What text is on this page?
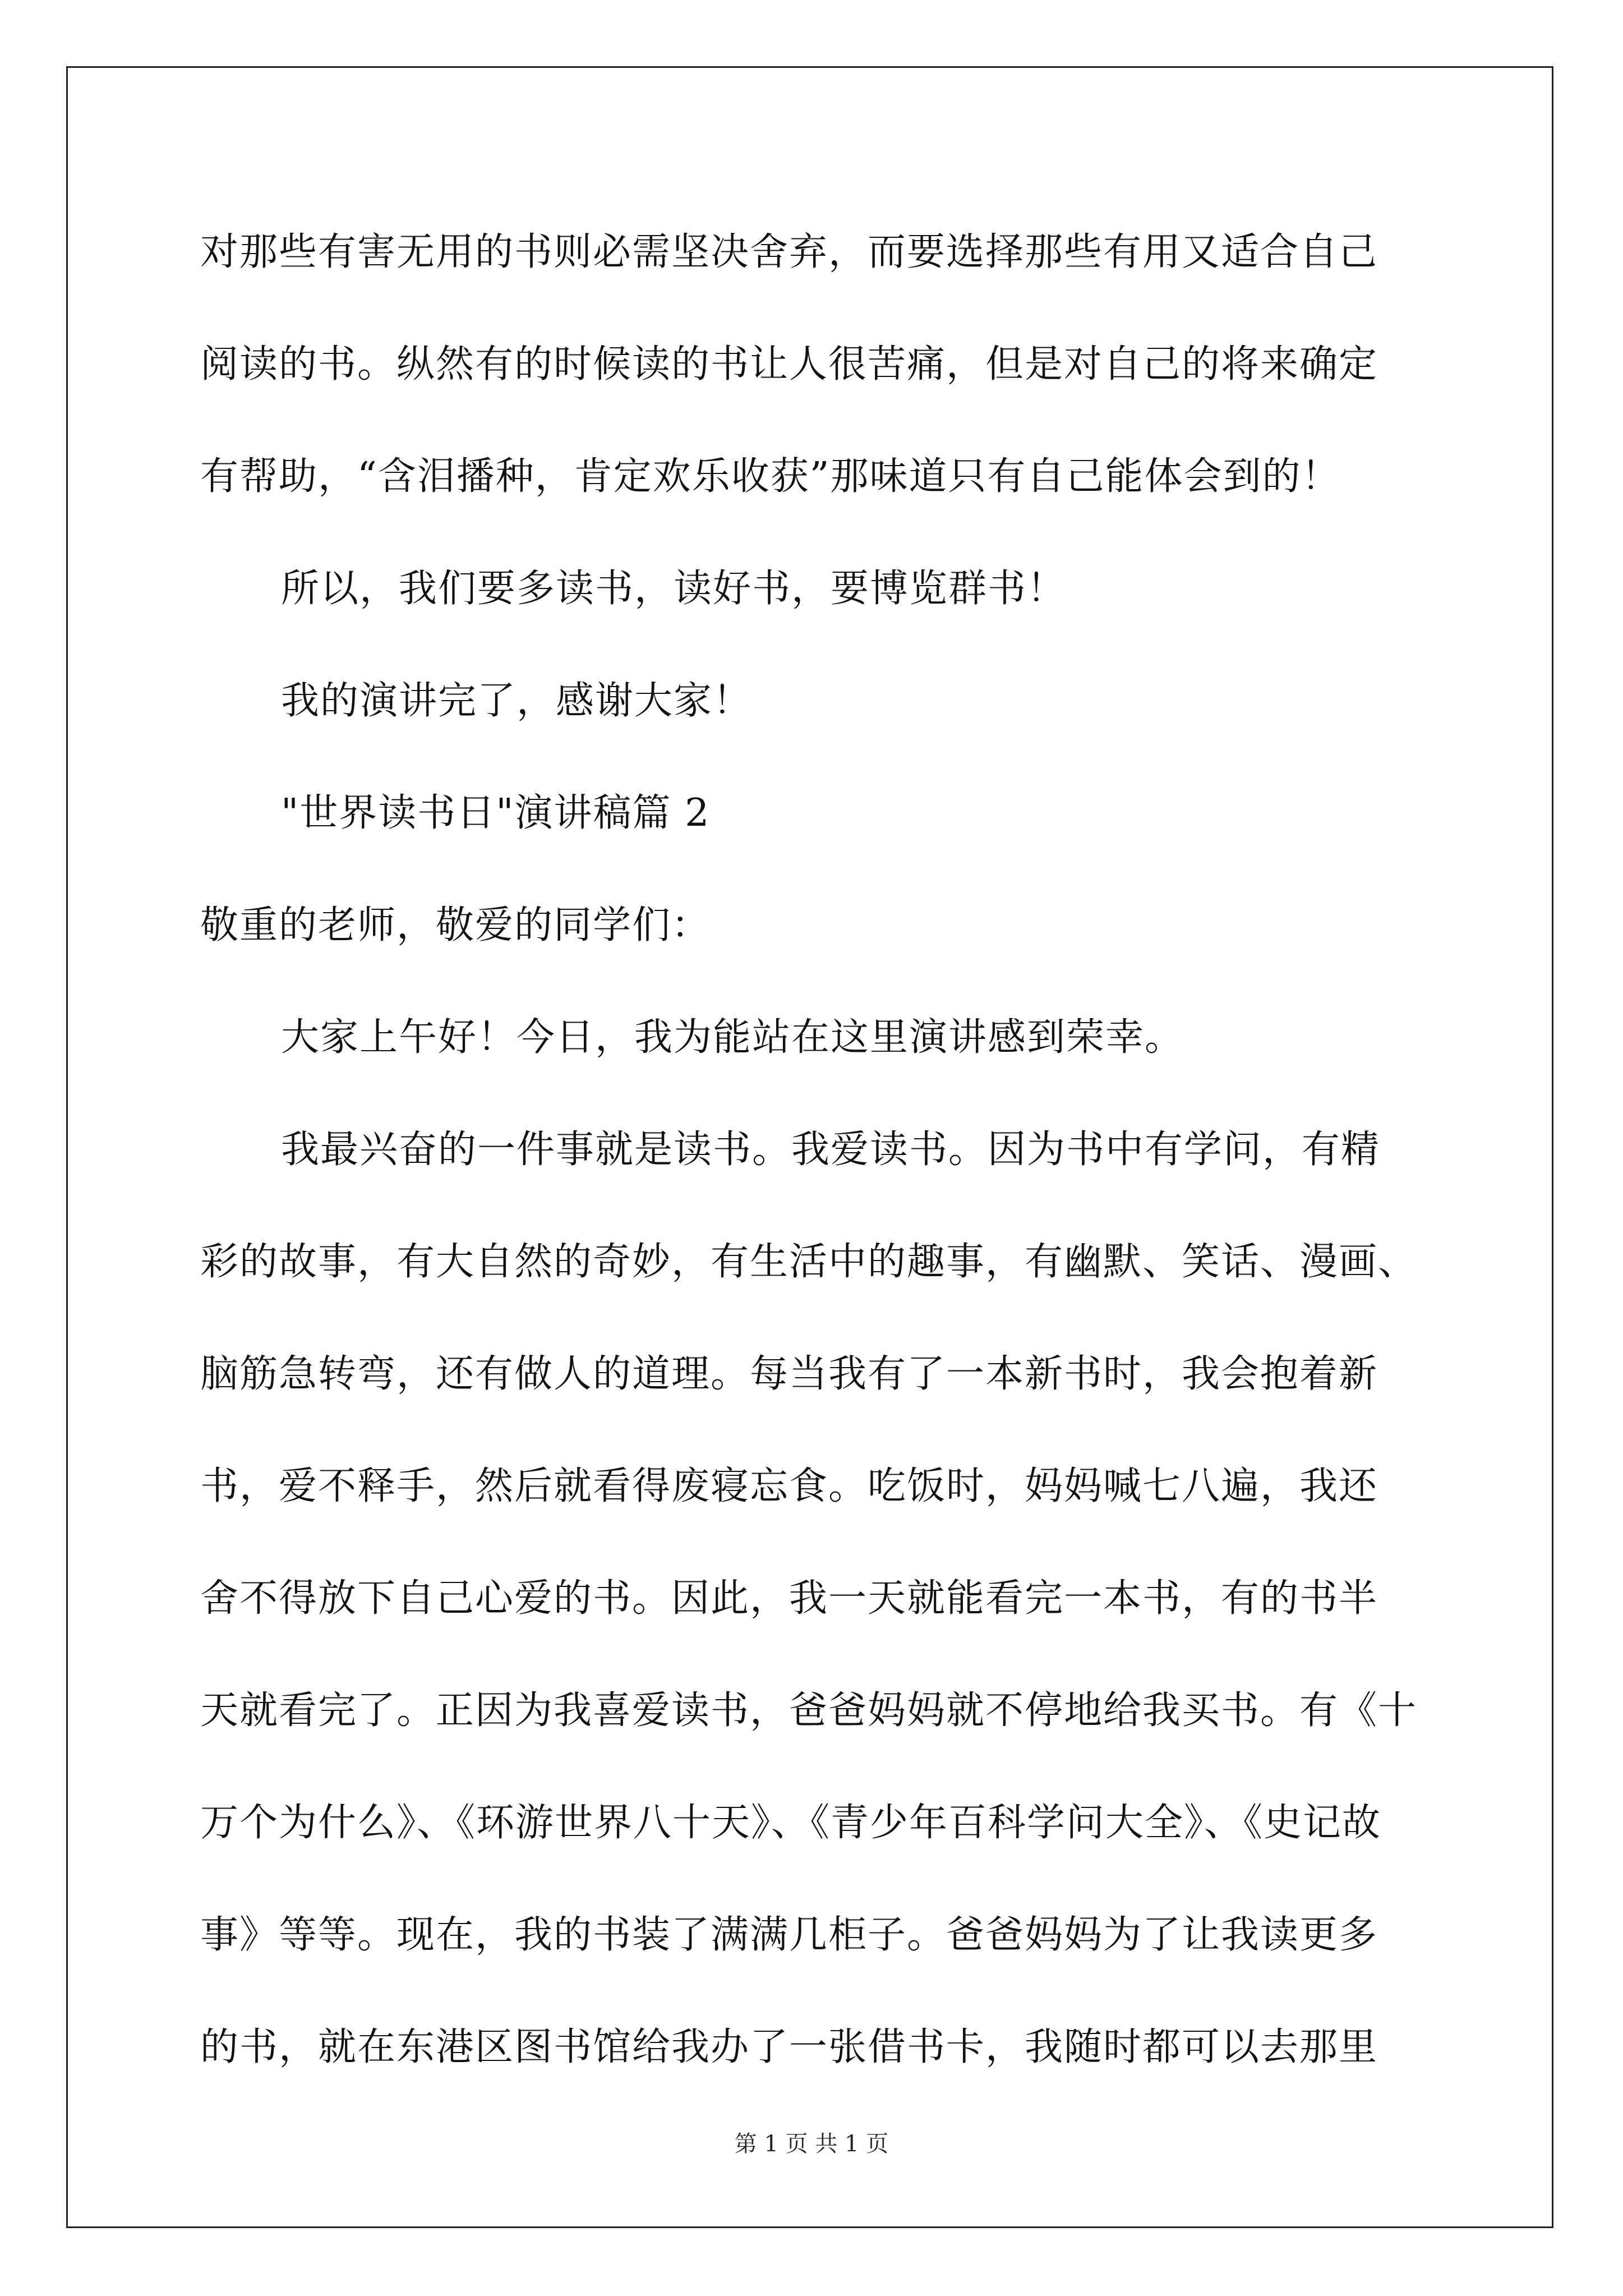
对那些有害无用的书则必需坚决舍弃，而要选择那些有用又适合自己
阅读的书。纵然有的时候读的书让人很苦痛，但是对自己的将来确定
有帮助，“含泪播种，肯定欢乐收获”那味道只有自己能体会到的！
所以，我们要多读书，读好书，要博览群书！
我的演讲完了，感谢大家！
"世界读书日"演讲稿篇 2
敬重的老师，敬爱的同学们：
大家上午好！今日，我为能站在这里演讲感到荣幸。
我最兴奋的一件事就是读书。我爱读书。因为书中有学问，有精
彩的故事，有大自然的奇妙，有生活中的趣事，有幽默、笑话、漫画、
脑筋急转弯，还有做人的道理。每当我有了一本新书时，我会抱着新
书，爱不释手，然后就看得废寝忘食。吃饭时，妈妈喊七八遍，我还
舍不得放下自己心爱的书。因此，我一天就能看完一本书，有的书半
天就看完了。正因为我喜爱读书，爸爸妈妈就不停地给我买书。有《十
万个为什么》、《环游世界八十天》、《青少年百科学问大全》、《史记故
事》等等。现在，我的书装了满满几柜子。爸爸妈妈为了让我读更多
的书，就在东港区图书馆给我办了一张借书卡，我随时都可以去那里
第 1 页 共 1 页
